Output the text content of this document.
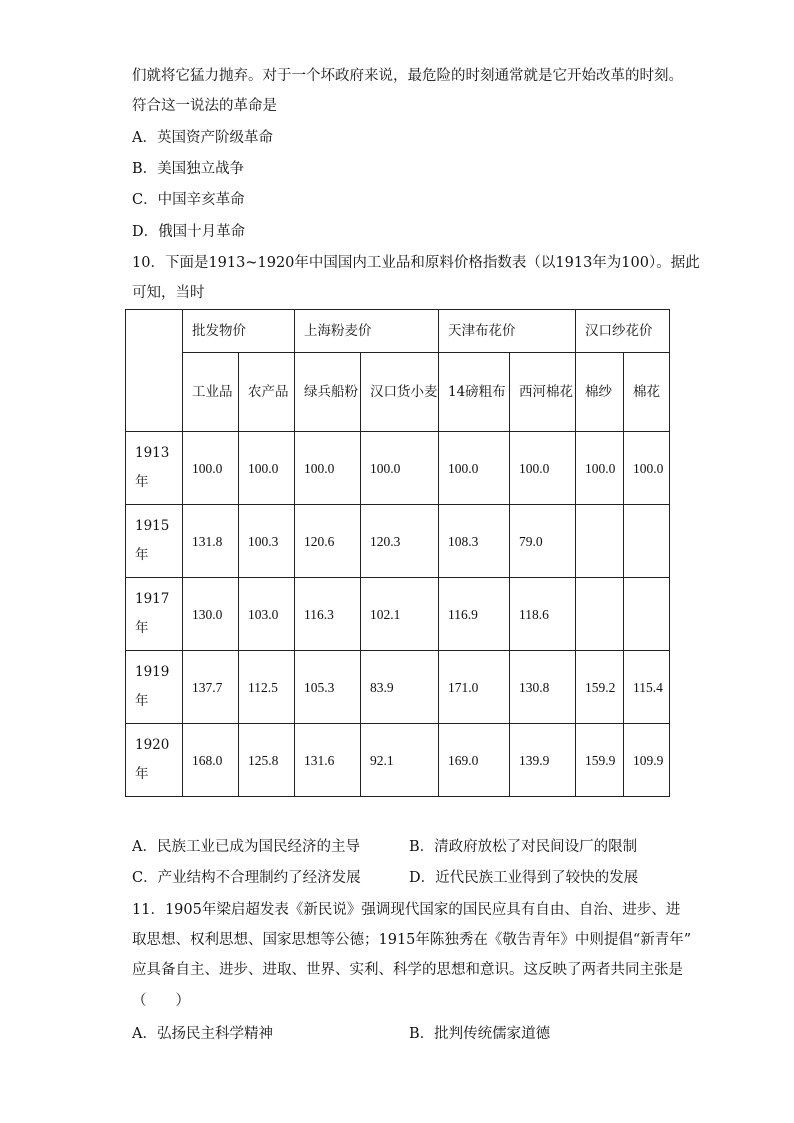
们就将它猛力抛弃。对于一个坏政府来说，最危险的时刻通常就是它开始改革的时刻。
符合这一说法的革命是
A．英国资产阶级革命
B．美国独立战争
C．中国辛亥革命
D．俄国十月革命
10．下面是1913~1920年中国国内工业品和原料价格指数表（以1913年为100）。据此
可知，当时
	批发物价		上海粉麦价		天津布花价		汉口纱花价	
	工业品	农产品	绿兵船粉	汉口货小麦	14磅粗布	西河棉花	棉纱	棉花
1913年	100.0	100.0	100.0	100.0	100.0	100.0	100.0	100.0
1915年	131.8	100.3	120.6	120.3	108.3	79.0		
1917年	130.0	103.0	116.3	102.1	116.9	118.6		
1919年	137.7	112.5	105.3	83.9	171.0	130.8	159.2	115.4
1920年	168.0	125.8	131.6	92.1	169.0	139.9	159.9	109.9
A．民族工业已成为国民经济的主导	B．清政府放松了对民间设厂的限制
C．产业结构不合理制约了经济发展	D．近代民族工业得到了较快的发展
11．1905年梁启超发表《新民说》强调现代国家的国民应具有自由、自治、进步、进
取思想、权利思想、国家思想等公德；1915年陈独秀在《敬告青年》中则提倡“新青年”
应具备自主、进步、进取、世界、实利、科学的思想和意识。这反映了两者共同主张是
（　　）
A．弘扬民主科学精神	B．批判传统儒家道德
